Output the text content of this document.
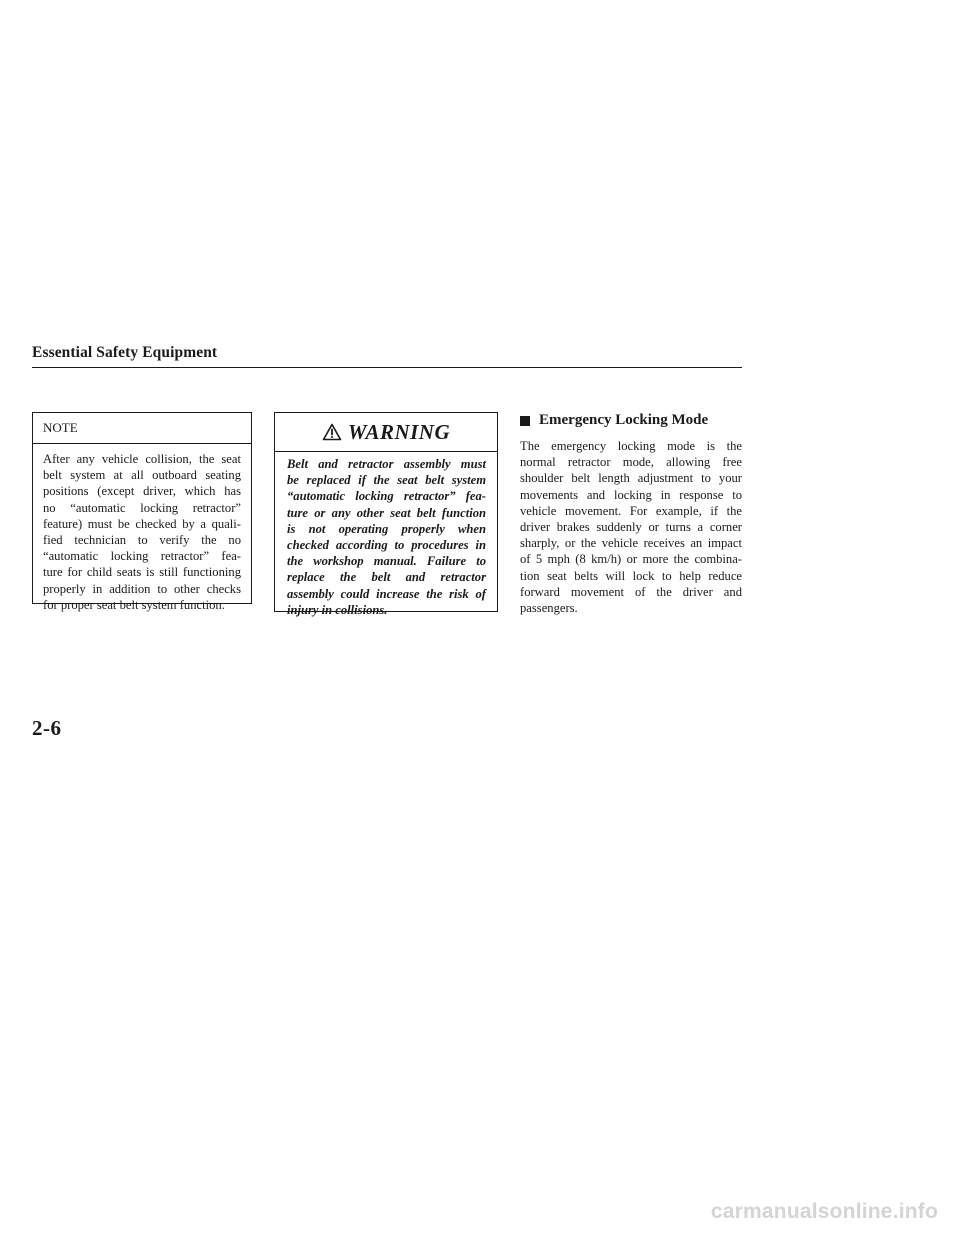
Essential Safety Equipment
NOTE
After any vehicle collision, the seat
belt system at all outboard seating
positions (except driver, which has
no “automatic locking retractor”
feature) must be checked by a quali-
fied technician to verify the no
“automatic locking retractor” fea-
ture for child seats is still functioning
properly in addition to other checks
for proper seat belt system function.
WARNING
Belt and retractor assembly must
be replaced if the seat belt system
“automatic locking retractor” fea-
ture or any other seat belt function
is not operating properly when
checked according to procedures in
the workshop manual. Failure to
replace the belt and retractor
assembly could increase the risk of
injury in collisions.
Emergency Locking Mode
The emergency locking mode is the
normal retractor mode, allowing free
shoulder belt length adjustment to your
movements and locking in response to
vehicle movement. For example, if the
driver brakes suddenly or turns a corner
sharply, or the vehicle receives an impact
of 5 mph (8 km/h) or more the combina-
tion seat belts will lock to help reduce
forward movement of the driver and
passengers.
2-6
carmanualsonline.info
